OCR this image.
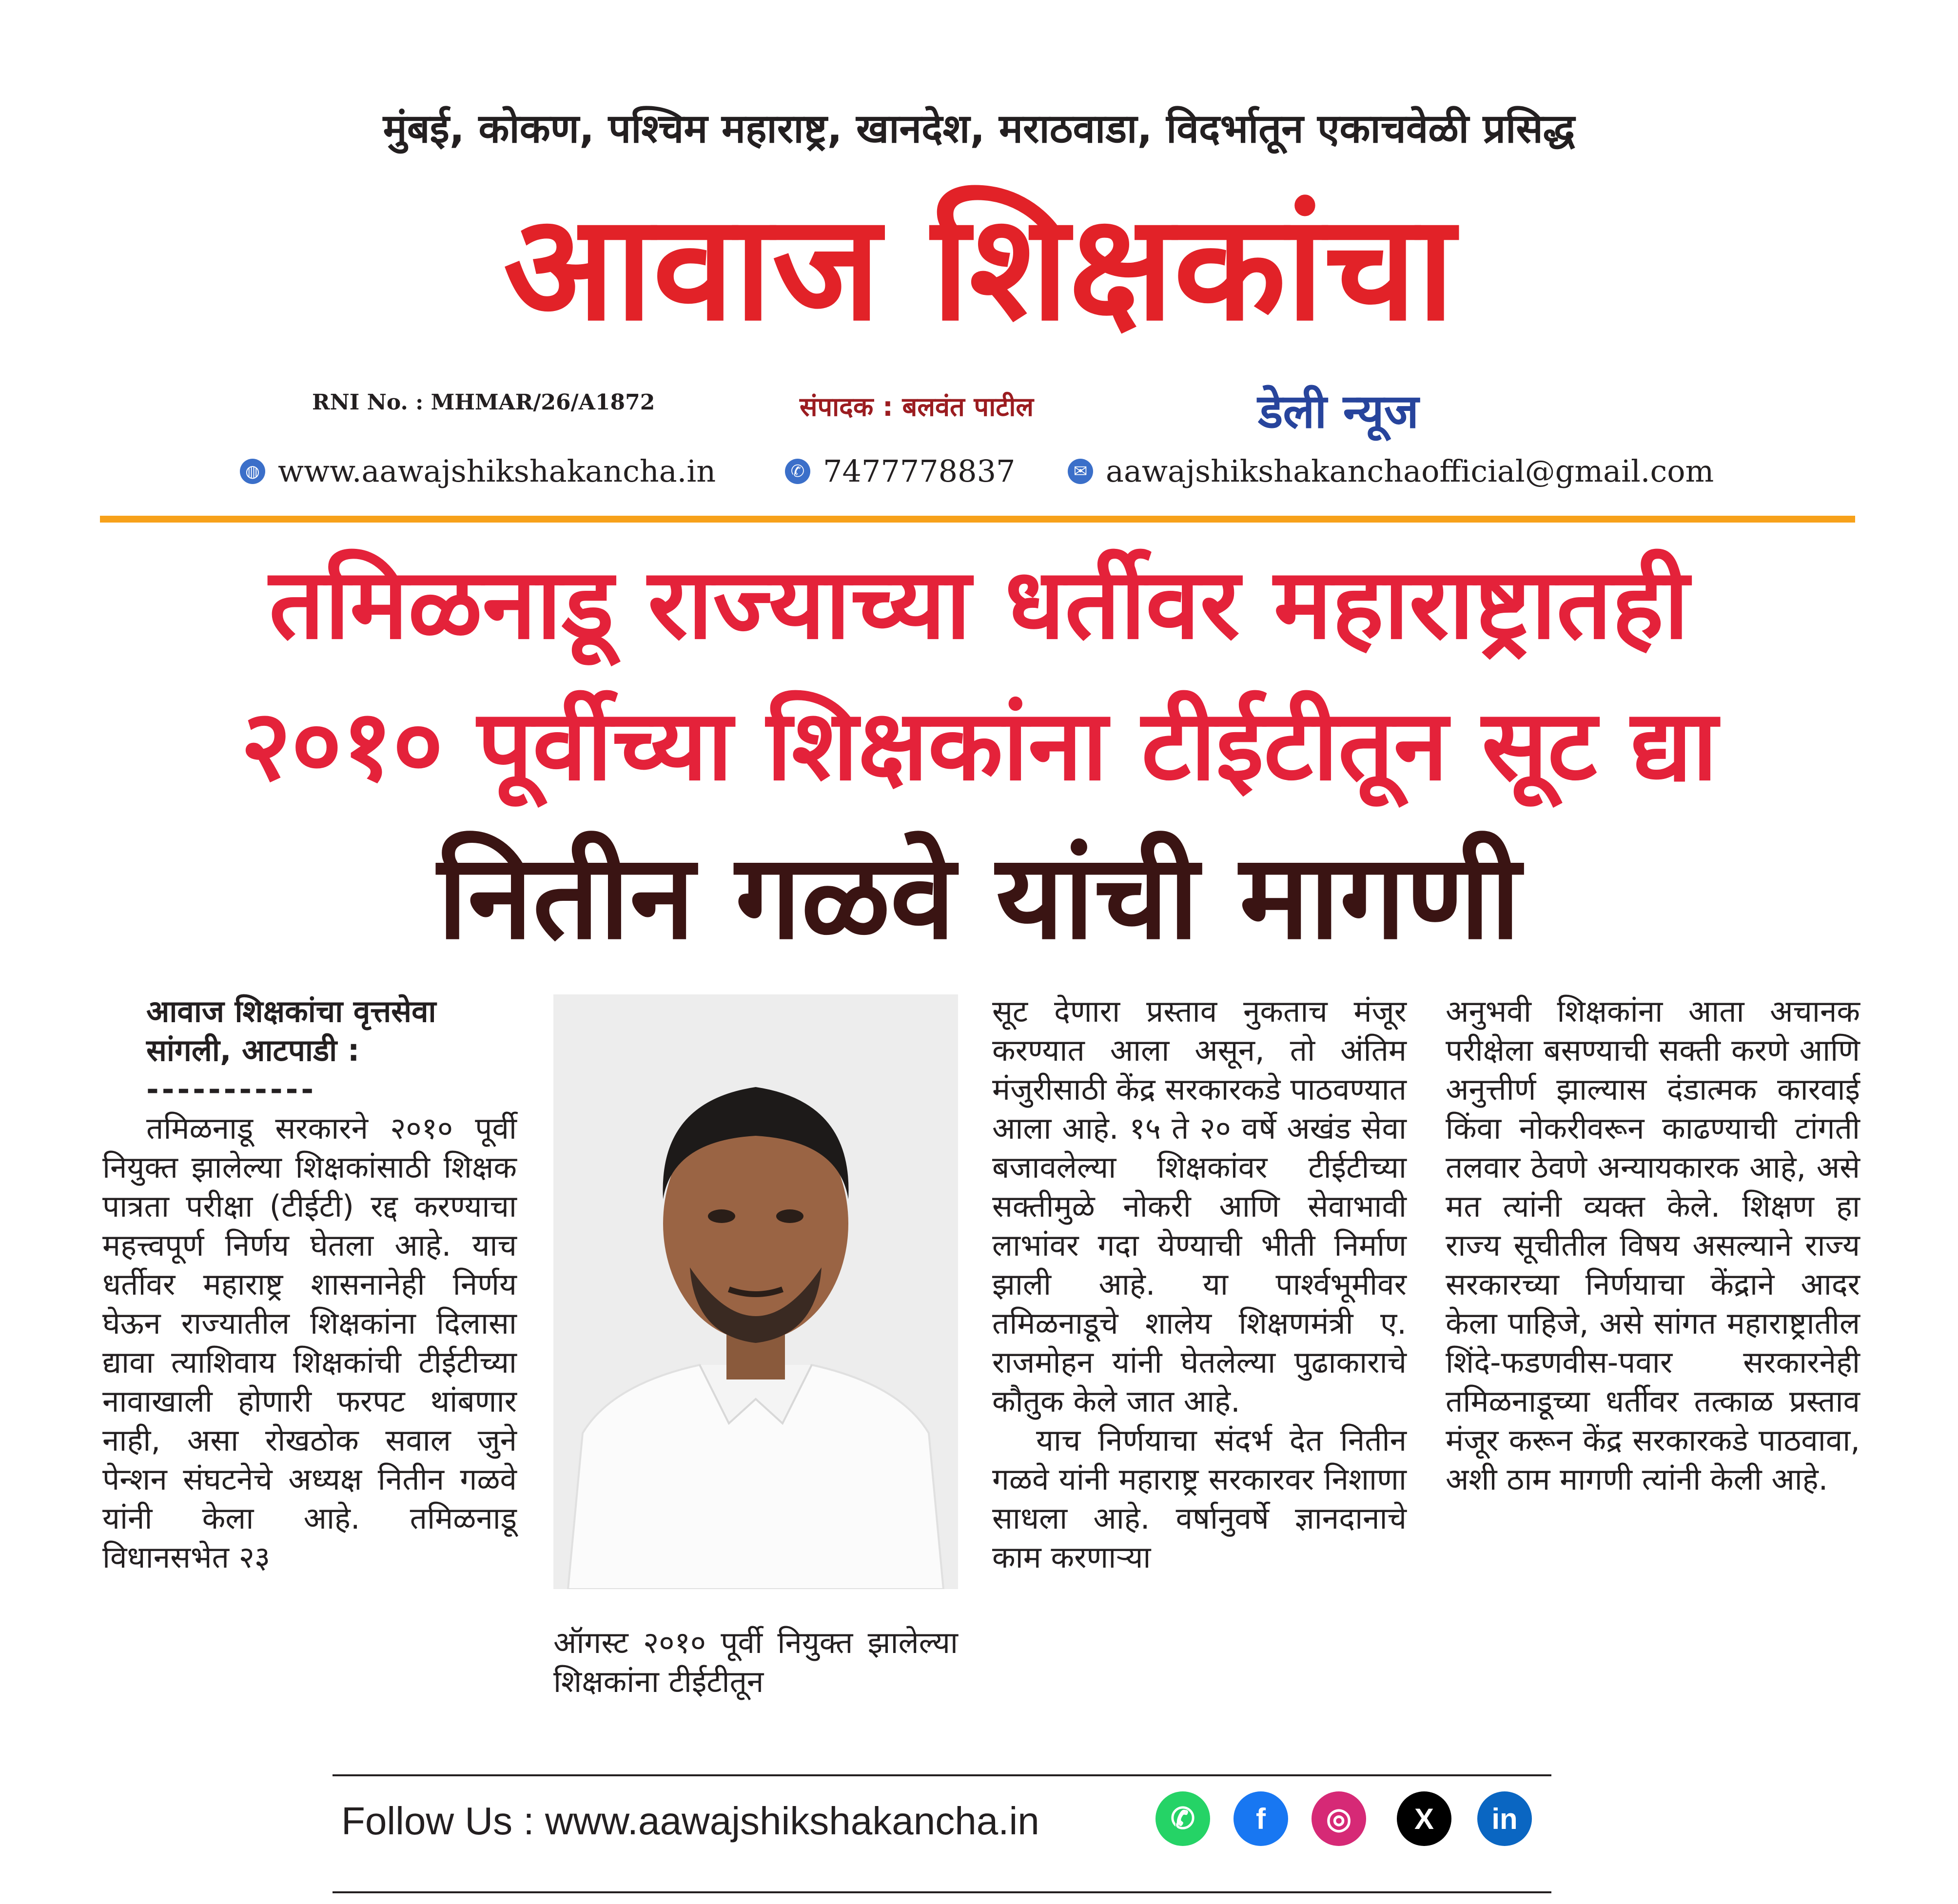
मुंबई, कोकण, पश्चिम महाराष्ट्र, खानदेश, मराठवाडा, विदर्भातून एकाचवेळी प्रसिद्ध
आवाज शिक्षकांचा
RNI No. : MHMAR/26/A1872	संपादक : बलवंत पाटील	डेली न्यूज
◍ www.aawajshikshakancha.in	✆ 7477778837	✉ aawajshikshakanchaofficial@gmail.com
तमिळनाडू राज्याच्या धर्तीवर महाराष्ट्रातही
२०१० पूर्वीच्या शिक्षकांना टीईटीतून सूट द्या
नितीन गळवे यांची मागणी

आवाज शिक्षकांचा वृत्तसेवा

सांगली, आटपाडी :

-----------

तमिळनाडू सरकारने २०१० पूर्वी नियुक्त झालेल्या शिक्षकांसाठी शिक्षक पात्रता परीक्षा (टीईटी) रद्द करण्याचा महत्त्वपूर्ण निर्णय घेतला आहे. याच धर्तीवर महाराष्ट्र शासनानेही निर्णय घेऊन राज्यातील शिक्षकांना दिलासा द्यावा त्याशिवाय शिक्षकांची टीईटीच्या नावाखाली होणारी फरपट थांबणार नाही, असा रोखठोक सवाल जुने पेन्शन संघटनेचे अध्यक्ष नितीन गळवे यांनी केला आहे. तमिळनाडू विधानसभेत २३

ऑगस्ट २०१० पूर्वी नियुक्त झालेल्या शिक्षकांना टीईटीतून

सूट देणारा प्रस्ताव नुकताच मंजूर करण्यात आला असून, तो अंतिम मंजुरीसाठी केंद्र सरकारकडे पाठवण्यात आला आहे. १५ ते २० वर्षे अखंड सेवा बजावलेल्या शिक्षकांवर टीईटीच्या सक्तीमुळे नोकरी आणि सेवाभावी लाभांवर गदा येण्याची भीती निर्माण झाली आहे. या पार्श्वभूमीवर तमिळनाडूचे शालेय शिक्षणमंत्री ए. राजमोहन यांनी घेतलेल्या पुढाकाराचे कौतुक केले जात आहे.

याच निर्णयाचा संदर्भ देत नितीन गळवे यांनी महाराष्ट्र सरकारवर निशाणा साधला आहे. वर्षानुवर्षे ज्ञानदानाचे काम करणाऱ्या

अनुभवी शिक्षकांना आता अचानक परीक्षेला बसण्याची सक्ती करणे आणि अनुत्तीर्ण झाल्यास दंडात्मक कारवाई किंवा नोकरीवरून काढण्याची टांगती तलवार ठेवणे अन्यायकारक आहे, असे मत त्यांनी व्यक्त केले. शिक्षण हा राज्य सूचीतील विषय असल्याने राज्य सरकारच्या निर्णयाचा केंद्राने आदर केला पाहिजे, असे सांगत महाराष्ट्रातील शिंदे-फडणवीस-पवार सरकारनेही तमिळनाडूच्या धर्तीवर तत्काळ प्रस्ताव मंजूर करून केंद्र सरकारकडे पाठवावा, अशी ठाम मागणी त्यांनी केली आहे.

Follow Us : www.aawajshikshakancha.in	✆	f	◎	X	in
